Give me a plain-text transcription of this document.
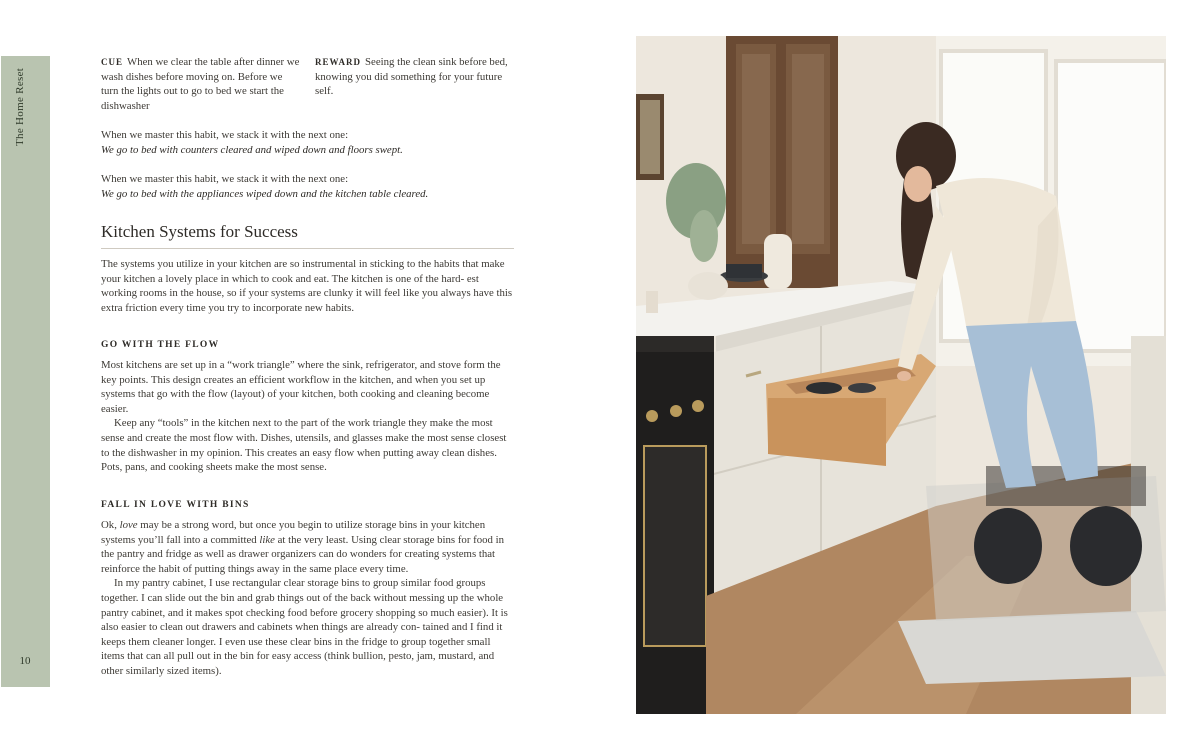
The Home Reset
10
CUE When we clear the table after dinner we wash dishes before moving on. Before we turn the lights out to go to bed we start the dishwasher
REWARD Seeing the clean sink before bed, knowing you did something for your future self.
When we master this habit, we stack it with the next one:
We go to bed with counters cleared and wiped down and floors swept.
When we master this habit, we stack it with the next one:
We go to bed with the appliances wiped down and the kitchen table cleared.
Kitchen Systems for Success

The systems you utilize in your kitchen are so instrumental in sticking to the habits that make your kitchen a lovely place in which to cook and eat. The kitchen is one of the hard- est working rooms in the house, so if your systems are clunky it will feel like you always have this extra friction every time you try to incorporate new habits.

GO WITH THE FLOW

Most kitchens are set up in a “work triangle” where the sink, refrigerator, and stove form the key points. This design creates an efficient workflow in the kitchen, and when you set up systems that go with the flow (layout) of your kitchen, both cooking and cleaning become easier.

Keep any “tools” in the kitchen next to the part of the work triangle they make the most sense and create the most flow with. Dishes, utensils, and glasses make the most sense closest to the dishwasher in my opinion. This creates an easy flow when putting away clean dishes. Pots, pans, and cooking sheets make the most sense.

FALL IN LOVE WITH BINS

Ok, love may be a strong word, but once you begin to utilize storage bins in your kitchen systems you’ll fall into a committed like at the very least. Using clear storage bins for food in the pantry and fridge as well as drawer organizers can do wonders for creating systems that reinforce the habit of putting things away in the same place every time.

In my pantry cabinet, I use rectangular clear storage bins to group similar food groups together. I can slide out the bin and grab things out of the back without messing up the whole pantry cabinet, and it makes spot checking food before grocery shopping so much easier). It is also easier to clean out drawers and cabinets when things are already con- tained and I find it keeps them cleaner longer. I even use these clear bins in the fridge to group together small items that can all pull out in the bin for easy access (think bullion, pesto, jam, mustard, and other similarly sized items).
